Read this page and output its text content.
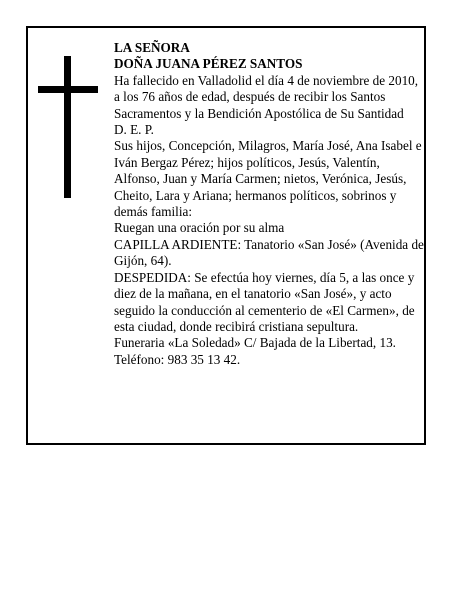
LA SEÑORA

DOÑA JUANA PÉREZ SANTOS

Ha fallecido en Valladolid el día 4 de noviembre de 2010, a los 76 años de edad, después de recibir los Santos Sacramentos y la Bendición Apostólica de Su Santidad

D. E. P.

Sus hijos, Concepción, Milagros, María José, Ana Isabel e Iván Bergaz Pérez; hijos políticos, Jesús, Valentín, Alfonso, Juan y María Carmen; nietos, Verónica, Jesús, Cheito, Lara y Ariana; hermanos políticos, sobrinos y demás familia:

Ruegan una oración por su alma

CAPILLA ARDIENTE: Tanatorio «San José» (Avenida de Gijón, 64).

DESPEDIDA: Se efectúa hoy viernes, día 5, a las once y diez de la mañana, en el tanatorio «San José», y acto seguido la conducción al cementerio de «El Carmen», de esta ciudad, donde recibirá cristiana sepultura.

Funeraria «La Soledad» C/ Bajada de la Libertad, 13.

Teléfono: 983 35 13 42.
